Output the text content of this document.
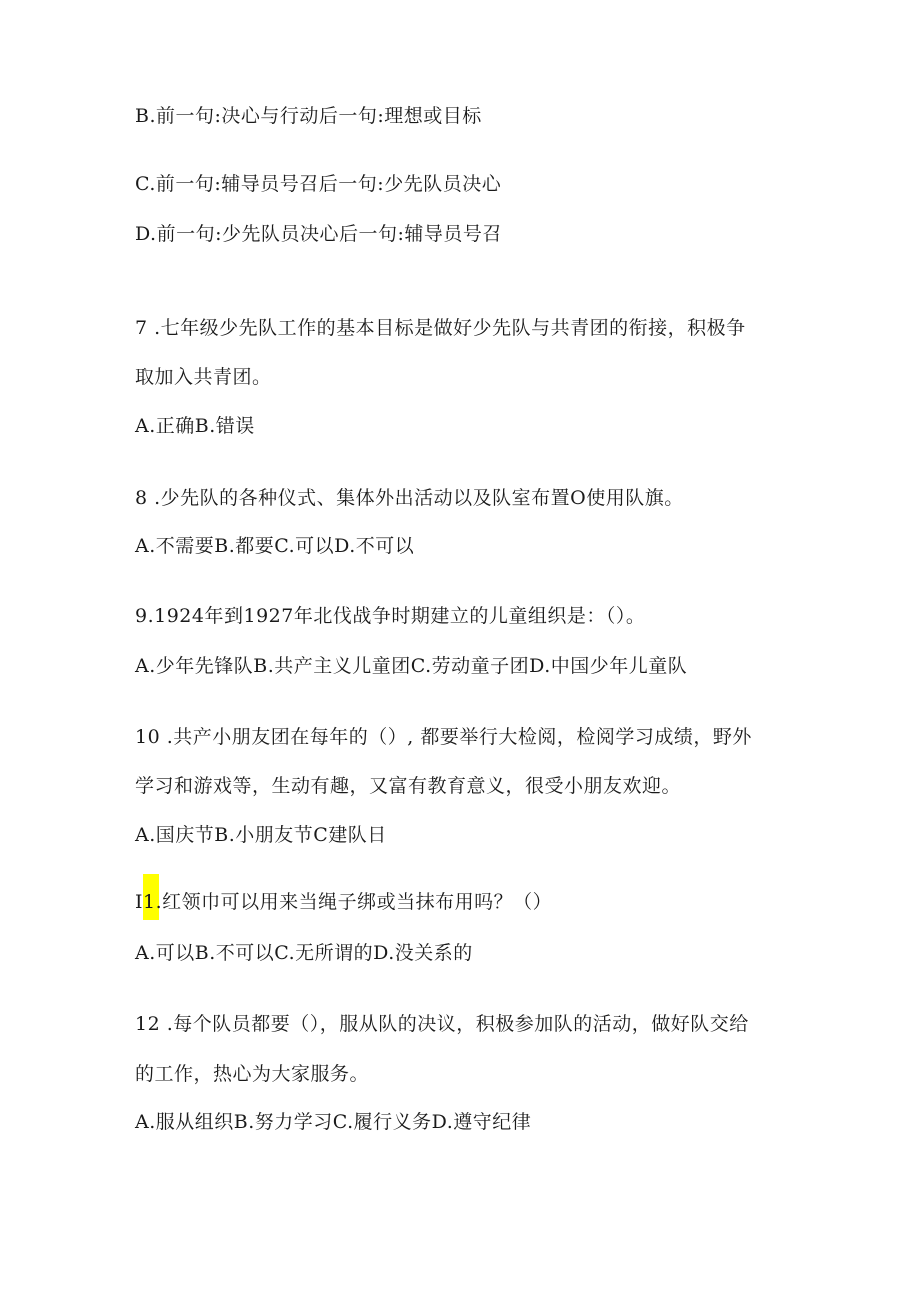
B.前一句:决心与行动后一句:理想或目标
C.前一句:辅导员号召后一句:少先队员决心
D.前一句:少先队员决心后一句:辅导员号召
7 .七年级少先队工作的基本目标是做好少先队与共青团的衔接，积极争
取加入共青团。
A.正确B.错误
8 .少先队的各种仪式、集体外出活动以及队室布置O使用队旗。
A.不需要B.都要C.可以D.不可以
9.1924年到1927年北伐战争时期建立的儿童组织是：（）。
A.少年先锋队B.共产主义儿童团C.劳动童子团D.中国少年儿童队
10 .共产小朋友团在每年的（）, 都要举行大检阅，检阅学习成绩，野外
学习和游戏等，生动有趣，又富有教育意义，很受小朋友欢迎。
A.国庆节B.小朋友节C建队日
I1.红领巾可以用来当绳子绑或当抹布用吗？（）
A.可以B.不可以C.无所谓的D.没关系的
12 .每个队员都要（），服从队的决议，积极参加队的活动，做好队交给
的工作，热心为大家服务。
A.服从组织B.努力学习C.履行义务D.遵守纪律
